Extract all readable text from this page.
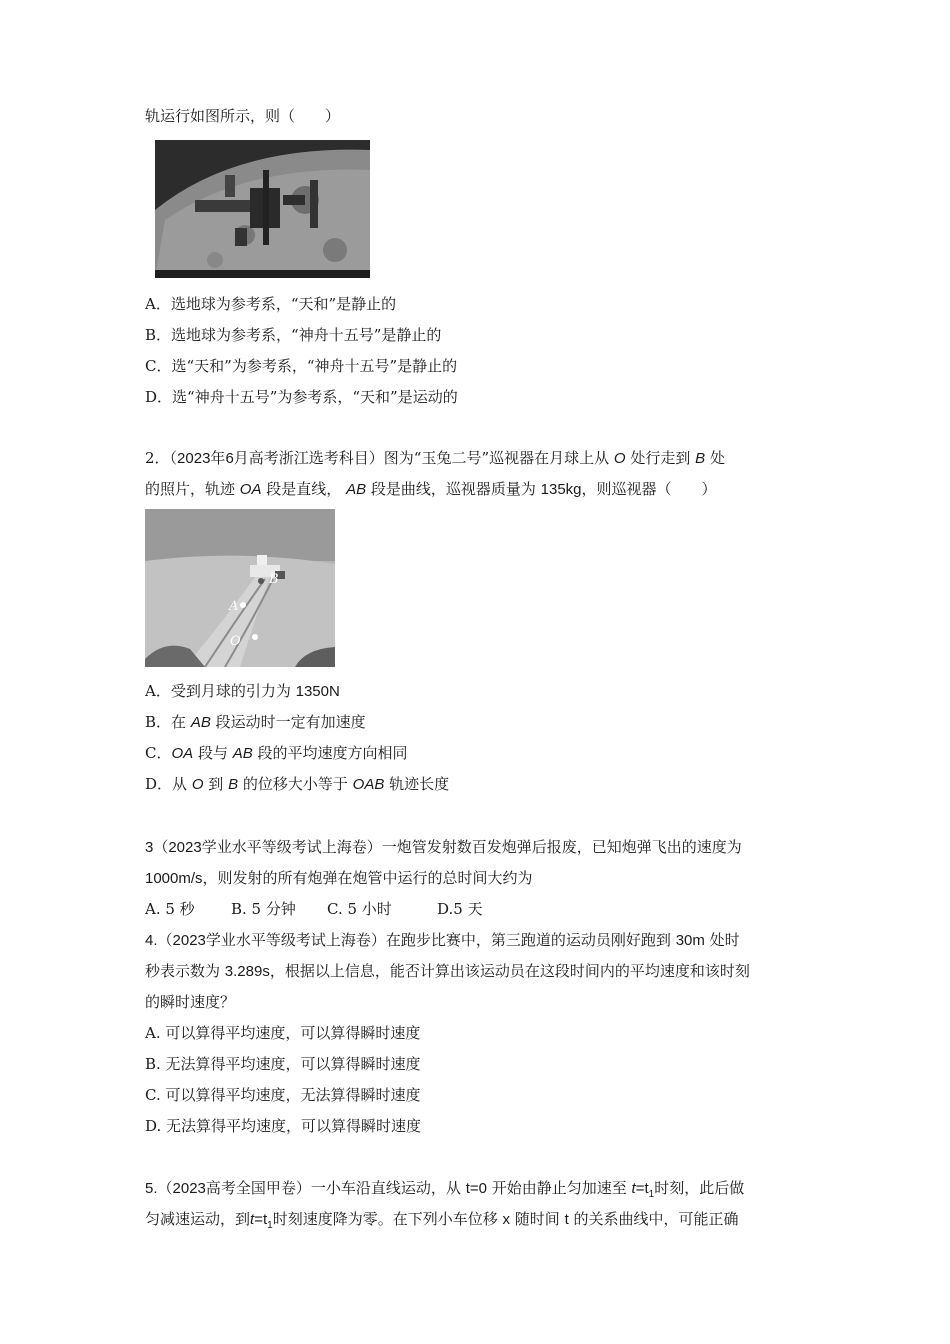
轨运行如图所示，则（　　）
A．选地球为参考系，“天和”是静止的
B．选地球为参考系，“神舟十五号”是静止的
C．选“天和”为参考系，“神舟十五号”是静止的
D．选“神舟十五号”为参考系，“天和”是运动的
2．（2023年6月高考浙江选考科目）图为“玉兔二号”巡视器在月球上从 O 处行走到 B 处
的照片，轨迹 OA 段是直线， AB 段是曲线，巡视器质量为 135kg，则巡视器（　　）
B
A
O
A．受到月球的引力为 1350N
B．在 AB 段运动时一定有加速度
C．OA 段与 AB 段的平均速度方向相同
D．从 O 到 B 的位移大小等于 OAB 轨迹长度
3（2023学业水平等级考试上海卷）一炮管发射数百发炮弹后报废，已知炮弹飞出的速度为
1000m/s，则发射的所有炮弹在炮管中运行的总时间大约为
A. 5 秒 B. 5 分钟 C. 5 小时	D.5 天
4.（2023学业水平等级考试上海卷）在跑步比赛中，第三跑道的运动员刚好跑到 30m 处时
秒表示数为 3.289s，根据以上信息，能否计算出该运动员在这段时间内的平均速度和该时刻
的瞬时速度？
A. 可以算得平均速度，可以算得瞬时速度
B. 无法算得平均速度，可以算得瞬时速度
C. 可以算得平均速度，无法算得瞬时速度
D. 无法算得平均速度，可以算得瞬时速度
5.（2023高考全国甲卷）一小车沿直线运动，从 t=0 开始由静止匀加速至 $t=t_1$时刻，此后做
匀减速运动，到$t=t_1$时刻速度降为零。在下列小车位移 x 随时间 t 的关系曲线中，可能正确
